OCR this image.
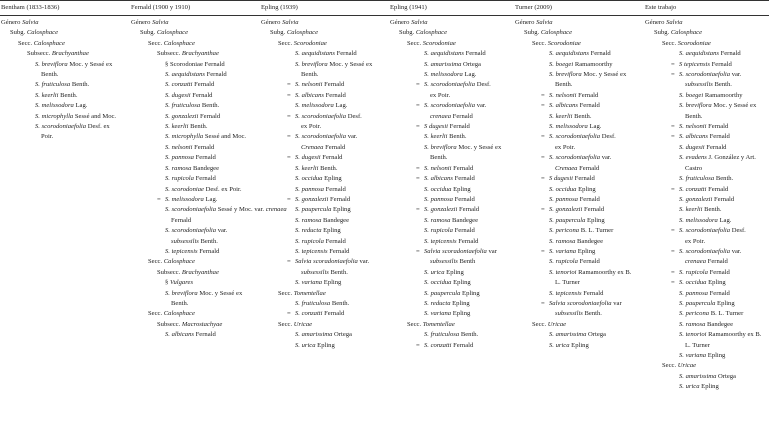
Bentham (1833-1836)
Género Salvia
Subg. Calosphace
Secc. Calosphace
Subsecc. Brachyanthae
S. breviflora Moc. y Sessé ex
Benth.
S. fruticulosa Benth.
S. keerlii Benth.
S. melissodora Lag.
S. microphylla Sessé and Moc.
S. scorodoniaefolia Desf. ex
Poir.
Fernald (1900 y 1910)
Género Salvia
Subg. Calosphace
Secc. Calosphace
Subsecc. Brachyanthae
§ Scorodoniae Fernald
S. aequidistans Fernald
S. conzatti Fernald
S. dugesii Fernald
S. fruticulosa Benth.
S. gonzalezii Fernald
S. keerlii Benth.
S. microphylla Sessé and Moc.
S. nelsonii Fernald
S. pannosa Fernald
S. ramosa Bandegee
S. rupicola Fernald
S. scorodoniae Desf. ex Poir.
= S. melissodora Lag.
S. scorodoniaefolia Sessé y Moc. var. crenaea
Fernald
S. scorodoniaefolia var.
subsessilis Benth.
S. tepicensis Fernald
Secc. Calosphace
Subsecc. Brachyanthae
§ Vulgares
S. breviflora Moc. y Sessé ex
Benth.
Secc. Calosphace
Subsecc. Macrostachyae
S. albicans Fernald
Epling (1939)
Género Salvia
Subg. Calosphace
Secc. Scorodoniae
S. aequidistans Fernald
S. breviflora Moc. y Sessé ex
Benth.
= S. nelsonii Fernald
= S. albicans Fernald
S. melissodora Lag.
= S. scorodoniaefolia Desf.
ex Poir.
= S. scorodoniaefolia var.
Crenaea Fernald
= S. dugesii Fernald
S. keerlii Benth.
S. occidua Epling
S. pannosa Fernald
= S. gonzalezii Fernald
S. paupercula Epling
S. ramosa Bandegee
S. reducta Epling
S. rupicola Fernald
S. tepicensis Fernald
= Salvia scoradoniaefolia var.
subsessilis Benth.
S. variana Epling
Secc. Tomentellae
S. fruticulosa Benth.
= S. conzatti Fernald
Secc. Uricae
S. amarissima Ortega
S. urica Epling
Epling (1941)
Género Salvia
Subg. Calosphace
Secc. Scorodoniae
S. aequidistans Fernald
S. amarissima Ortega
S. melissodora Lag.
= S. scorodoniaefolia Desf.
ex Poir.
= S. scorodoniaefolia var.
crenaea Fernald
= S dugesii Fernald
S. keerlii Benth.
S. breviflora Moc. y Sessé ex
Benth.
= S. nelsonii Fernald
= S. albicans Fernald
S. occidua Epling
S. pannosa Fernald
= S. gonzalezii Fernald
S. ramosa Bandegee
S. rupicola Fernald
S. tepicensis Fernald
= Salvia scoradoniaefolia var
subsessilis Benth
S. urica Epling
S. occidua Epling
S. paupercula Epling
S. reducta Epling
S. variana Epling
Secc. Tomentellae
S. fruticulosa Benth.
= S. conzatti Fernald
Turner (2009)
Género Salvia
Subg. Calosphace
Secc. Scorodoniae
S. aequidistans Fernald
S. boegei Ramamoorthy
S. breviflora Moc. y Sessé ex
Benth.
= S. nelsonii Fernald
= S. albicans Fernald
S. keerlii Benth.
S. melissodora Lag.
= S. scorodoniaefolia Desf.
ex Poir.
= S. scorodoniaefolia var.
Crenaea Fernald
= S dugesii Fernald
S. occidua Epling
S. pannosa Fernald
= S. gonzalezii Fernald
S. paupercula Epling
S. pericona B. L. Turner
S. ramosa Bandegee
= S. variana Epling
S. rupicola Fernald
S. tenorioi Ramamoorthy ex B.
L. Turner
S. tepicensis Fernald
= Salvia scorodoniaefolia var
subsessilis Benth.
Secc. Uricae
S. amarissima Ortega
S. urica Epling
Este trabajo
Género Salvia
Subg. Calosphace
Secc. Scorodoniae
S. aequidistans Fernald
= S tepicensis Fernald
= S. scorodoniaefolia var.
subsessilis Benth.
S. boegei Ramamoorthy
S. breviflora Moc. y Sessé ex
Benth.
= S. nelsonii Fernald
= S. albicans Fernald
S. dugesii Fernald
S. evadens J. González y Art.
Castro
S. fruticulosa Benth.
= S. conzatti Fernald
S. gonzalezii Fernald
S. keerlii Benth.
S. melissodora Lag.
= S. scorodoniaefolia Desf.
ex Poir.
= S. scorodoniaefolia var.
crenaea Fernald
= S. rupicola Fernald
= S. occidua Epling
S. pannosa Fernald
S. paupercula Epling
S. pericona B. L. Turner
S. ramosa Bandegee
S. tenorioi Ramamoorthy ex B.
L. Turner
S. variana Epling
Secc. Uricae
S. amarissima Ortega
S. urica Epling
